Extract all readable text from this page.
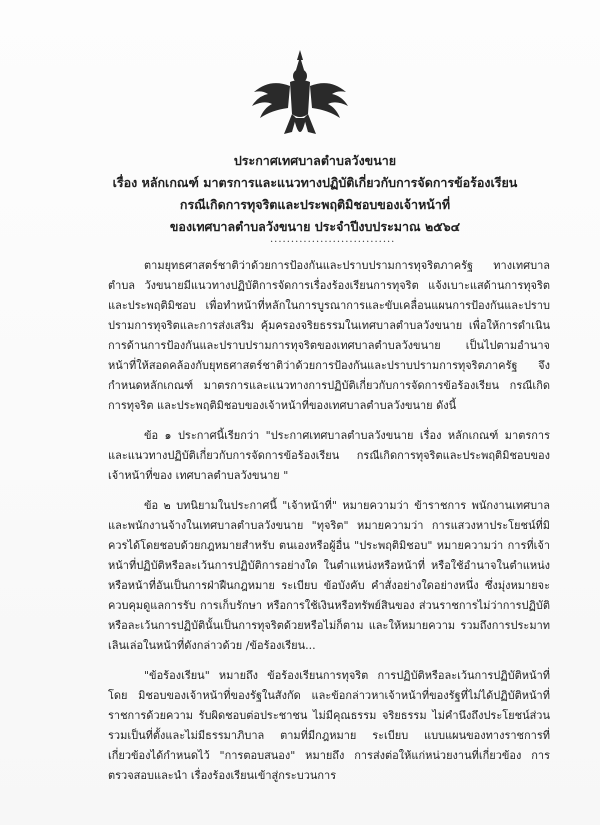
ประกาศเทศบาลตำบลวังขนาย
เรื่อง หลักเกณฑ์ มาตรการและแนวทางปฏิบัติเกี่ยวกับการจัดการข้อร้องเรียน
กรณีเกิดการทุจริตและประพฤติมิชอบของเจ้าหน้าที่
ของเทศบาลตำบลวังขนาย ประจำปีงบประมาณ ๒๕๖๔
..............................

ตามยุทธศาสตร์ชาติว่าด้วยการป้องกันและปราบปรามการทุจริตภาครัฐ ทางเทศบาลตำบล วังขนายมีแนวทางปฏิบัติการจัดการเรื่องร้องเรียนการทุจริต แจ้งเบาะแสด้านการทุจริตและประพฤติมิชอบ เพื่อทำหน้าที่หลักในการบูรณาการและขับเคลื่อนแผนการป้องกันและปราบปรามการทุจริตและการส่งเสริม คุ้มครองจริยธรรมในเทศบาลตำบลวังขนาย เพื่อให้การดำเนินการด้านการป้องกันและปราบปรามการทุจริตของเทศบาลตำบลวังขนาย เป็นไปตามอำนาจหน้าที่ให้สอดคล้องกับยุทธศาสตร์ชาติว่าด้วยการป้องกันและปราบปรามการทุจริตภาครัฐ จึงกำหนดหลักเกณฑ์ มาตรการและแนวทางการปฏิบัติเกี่ยวกับการจัดการข้อร้องเรียน กรณีเกิดการทุจริต และประพฤติมิชอบของเจ้าหน้าที่ของเทศบาลตำบลวังขนาย ดังนี้

ข้อ ๑ ประกาศนี้เรียกว่า "ประกาศเทศบาลตำบลวังขนาย เรื่อง หลักเกณฑ์ มาตรการและแนวทางปฏิบัติเกี่ยวกับการจัดการข้อร้องเรียน กรณีเกิดการทุจริตและประพฤติมิชอบของเจ้าหน้าที่ของ เทศบาลตำบลวังขนาย "

ข้อ ๒ บทนิยามในประกาศนี้ "เจ้าหน้าที่" หมายความว่า ข้าราชการ พนักงานเทศบาลและพนักงานจ้างในเทศบาลตำบลวังขนาย "ทุจริต" หมายความว่า การแสวงหาประโยชน์ที่มิควรได้โดยชอบด้วยกฎหมายสำหรับ ตนเองหรือผู้อื่น "ประพฤติมิชอบ" หมายความว่า การที่เจ้าหน้าที่ปฏิบัติหรือละเว้นการปฏิบัติการอย่างใด ในตำแหน่งหรือหน้าที่ หรือใช้อำนาจในตำแหน่งหรือหน้าที่อันเป็นการฝ่าฝืนกฎหมาย ระเบียบ ข้อบังคับ คำสั่งอย่างใดอย่างหนึ่ง ซึ่งมุ่งหมายจะควบคุมดูแลการรับ การเก็บรักษา หรือการใช้เงินหรือทรัพย์สินของ ส่วนราชการไม่ว่าการปฏิบัติหรือละเว้นการปฏิบัตินั้นเป็นการทุจริตด้วยหรือไม่ก็ตาม และให้หมายความ รวมถึงการประมาทเลินเล่อในหน้าที่ดังกล่าวด้วย /ข้อร้องเรียน...

"ข้อร้องเรียน" หมายถึง ข้อร้องเรียนการทุจริต การปฏิบัติหรือละเว้นการปฏิบัติหน้าที่โดย มิชอบของเจ้าหน้าที่ของรัฐในสังกัด และข้อกล่าวหาเจ้าหน้าที่ของรัฐที่ไม่ได้ปฏิบัติหน้าที่ราชการด้วยความ รับผิดชอบต่อประชาชน ไม่มีคุณธรรม จริยธรรม ไม่คำนึงถึงประโยชน์ส่วนรวมเป็นที่ตั้งและไม่มีธรรมาภิบาล ตามที่มีกฎหมาย ระเบียบ แบบแผนของทางราชการที่เกี่ยวข้องได้กำหนดไว้ "การตอบสนอง" หมายถึง การส่งต่อให้แก่หน่วยงานที่เกี่ยวข้อง การตรวจสอบและนำ เรื่องร้องเรียนเข้าสู่กระบวนการ
